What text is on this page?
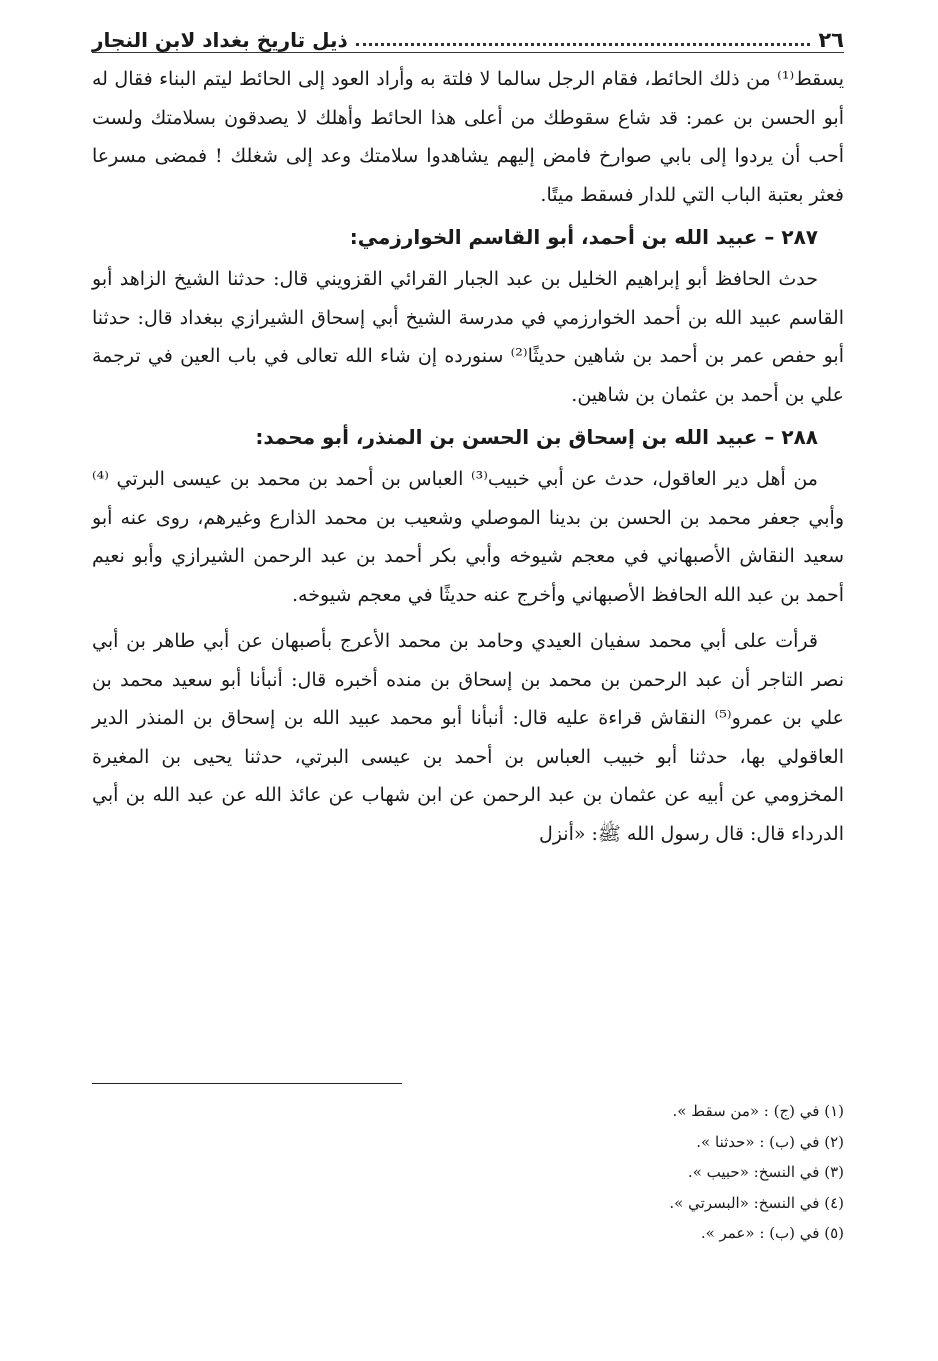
٢٦
ذيل تاريخ بغداد لابن النجار

يسقط⁽¹⁾ من ذلك الحائط، فقام الرجل سالما لا فلتة به وأراد العود إلى الحائط ليتم البناء فقال له أبو الحسن بن عمر: قد شاع سقوطك من أعلى هذا الحائط وأهلك لا يصدقون بسلامتك ولست أحب أن يردوا إلى بابي صوارخ فامض إليهم يشاهدوا سلامتك وعد إلى شغلك ! فمضى مسرعا فعثر بعتبة الباب التي للدار فسقط ميتًا.

٢٨٧ – عبيد الله بن أحمد، أبو القاسم الخوارزمي:

حدث الحافظ أبو إبراهيم الخليل بن عبد الجبار القرائي القزويني قال: حدثنا الشيخ الزاهد أبو القاسم عبيد الله بن أحمد الخوارزمي في مدرسة الشيخ أبي إسحاق الشيرازي ببغداد قال: حدثنا أبو حفص عمر بن أحمد بن شاهين حديثًا⁽²⁾ سنورده إن شاء الله تعالى في باب العين في ترجمة علي بن أحمد بن عثمان بن شاهين.

٢٨٨ – عبيد الله بن إسحاق بن الحسن بن المنذر، أبو محمد:

من أهل دير العاقول، حدث عن أبي خبيب⁽³⁾ العباس بن أحمد بن محمد بن عيسى البرتي ⁽⁴⁾ وأبي جعفر محمد بن الحسن بن بدينا الموصلي وشعيب بن محمد الذارع وغيرهم، روى عنه أبو سعيد النقاش الأصبهاني في معجم شيوخه وأبي بكر أحمد بن عبد الرحمن الشيرازي وأبو نعيم أحمد بن عبد الله الحافظ الأصبهاني وأخرج عنه حديثًا في معجم شيوخه.

قرأت على أبي محمد سفيان العيدي وحامد بن محمد الأعرج بأصبهان عن أبي طاهر بن أبي نصر التاجر أن عبد الرحمن بن محمد بن إسحاق بن منده أخبره قال: أنبأنا أبو سعيد محمد بن علي بن عمرو⁽⁵⁾ النقاش قراءة عليه قال: أنبأنا أبو محمد عبيد الله بن إسحاق بن المنذر الدير العاقولي بها، حدثنا أبو خبيب العباس بن أحمد بن عيسى البرتي، حدثنا يحيى بن المغيرة المخزومي عن أبيه عن عثمان بن عبد الرحمن عن ابن شهاب عن عائذ الله عن عبد الله بن أبي الدرداء قال: قال رسول الله ﷺ: «أنزل

(١) في (ج) : «من سقط ».
(٢) في (ب) : «حدثنا ».
(٣) في النسخ: «حبيب ».
(٤) في النسخ: «البسرتي ».
(٥) في (ب) : «عمر ».
